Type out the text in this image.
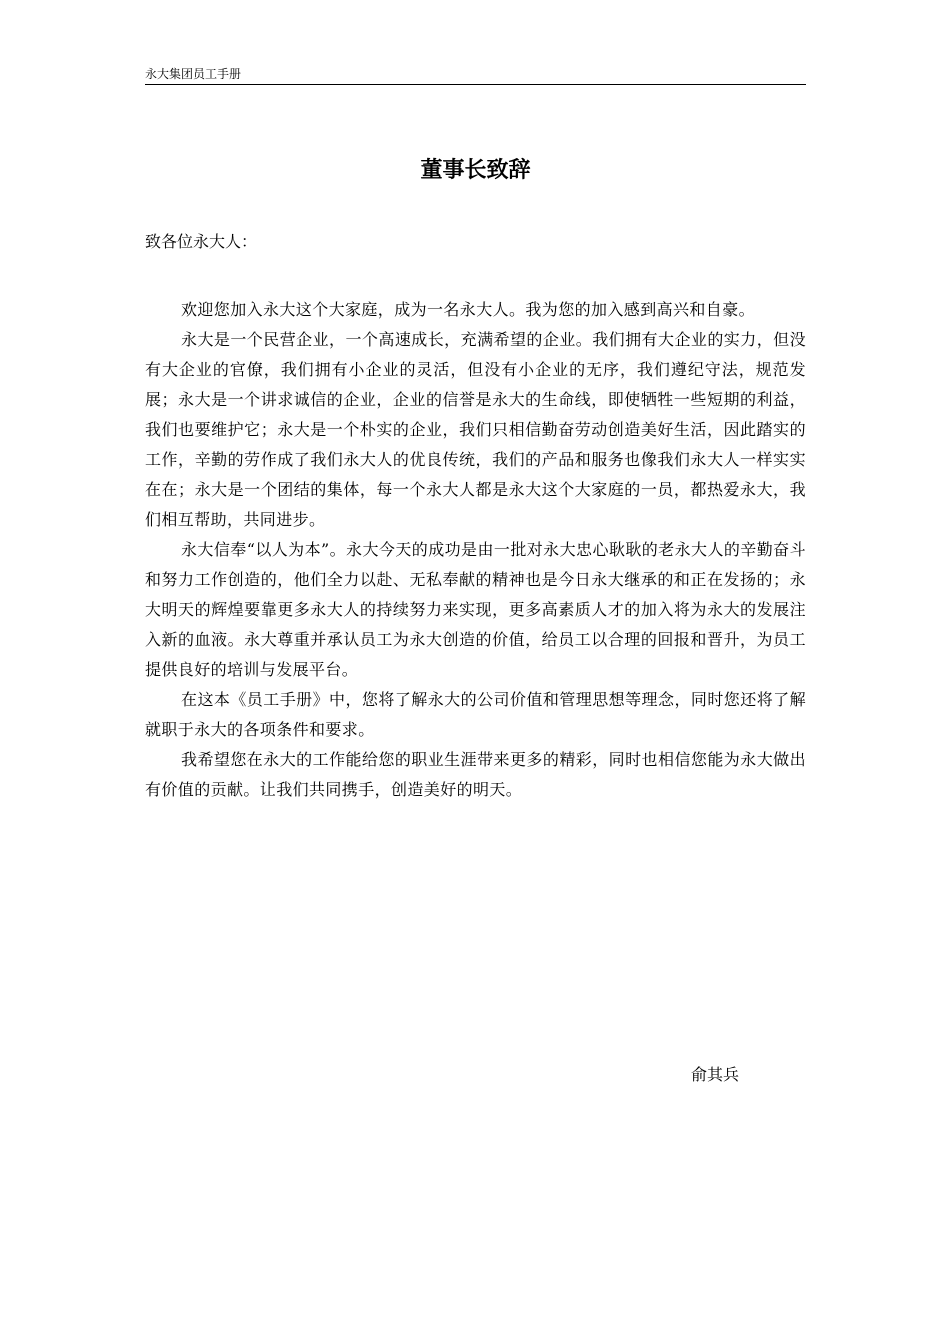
永大集团员工手册
董事长致辞

致各位永大人：

欢迎您加入永大这个大家庭，成为一名永大人。我为您的加入感到高兴和自豪。

永大是一个民营企业，一个高速成长，充满希望的企业。我们拥有大企业的实力，但没有大企业的官僚，我们拥有小企业的灵活，但没有小企业的无序，我们遵纪守法，规范发展；永大是一个讲求诚信的企业，企业的信誉是永大的生命线，即使牺牲一些短期的利益，我们也要维护它；永大是一个朴实的企业，我们只相信勤奋劳动创造美好生活，因此踏实的工作，辛勤的劳作成了我们永大人的优良传统，我们的产品和服务也像我们永大人一样实实在在；永大是一个团结的集体，每一个永大人都是永大这个大家庭的一员，都热爱永大，我们相互帮助，共同进步。

永大信奉“以人为本”。永大今天的成功是由一批对永大忠心耿耿的老永大人的辛勤奋斗和努力工作创造的，他们全力以赴、无私奉献的精神也是今日永大继承的和正在发扬的；永大明天的辉煌要靠更多永大人的持续努力来实现，更多高素质人才的加入将为永大的发展注入新的血液。永大尊重并承认员工为永大创造的价值，给员工以合理的回报和晋升，为员工提供良好的培训与发展平台。

在这本《员工手册》中，您将了解永大的公司价值和管理思想等理念，同时您还将了解就职于永大的各项条件和要求。

我希望您在永大的工作能给您的职业生涯带来更多的精彩，同时也相信您能为永大做出有价值的贡献。让我们共同携手，创造美好的明天。

俞其兵
